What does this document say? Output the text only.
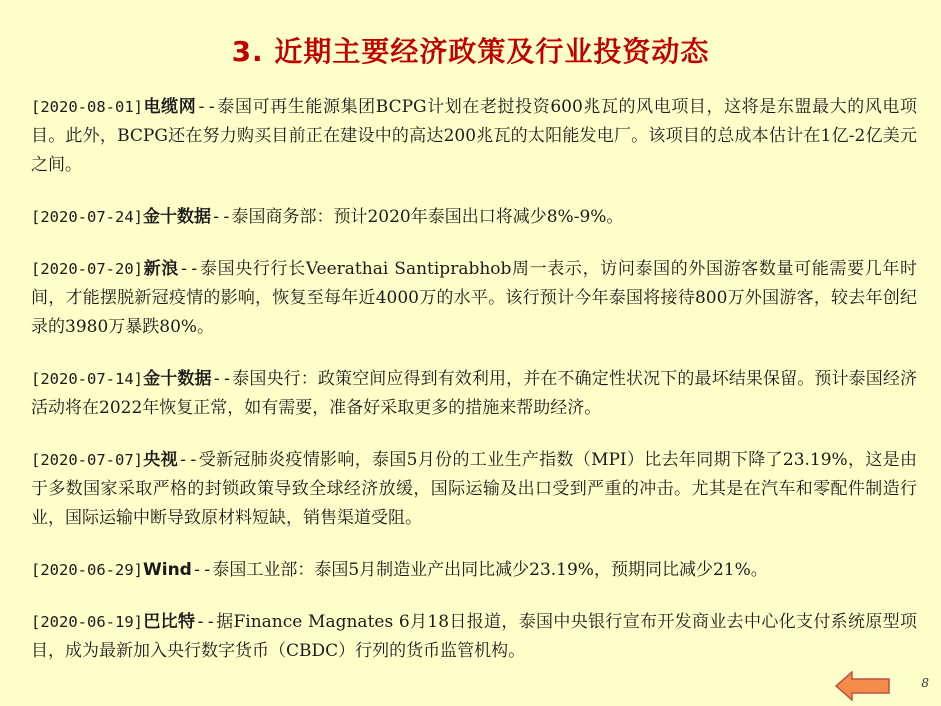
3. 近期主要经济政策及行业投资动态

[2020-08-01]电缆网--泰国可再生能源集团BCPG计划在老挝投资600兆瓦的风电项目，这将是东盟最大的风电项目。此外，BCPG还在努力购买目前正在建设中的高达200兆瓦的太阳能发电厂。该项目的总成本估计在1亿-2亿美元之间。

[2020-07-24]金十数据--泰国商务部：预计2020年泰国出口将减少8%-9%。

[2020-07-20]新浪--泰国央行行长Veerathai Santiprabhob周一表示，访问泰国的外国游客数量可能需要几年时间，才能摆脱新冠疫情的影响，恢复至每年近4000万的水平。该行预计今年泰国将接待800万外国游客，较去年创纪录的3980万暴跌80%。

[2020-07-14]金十数据--泰国央行：政策空间应得到有效利用，并在不确定性状况下的最坏结果保留。预计泰国经济活动将在2022年恢复正常，如有需要，准备好采取更多的措施来帮助经济。

[2020-07-07]央视--受新冠肺炎疫情影响，泰国5月份的工业生产指数（MPI）比去年同期下降了23.19%，这是由于多数国家采取严格的封锁政策导致全球经济放缓，国际运输及出口受到严重的冲击。尤其是在汽车和零配件制造行业，国际运输中断导致原材料短缺，销售渠道受阻。

[2020-06-29]Wind--泰国工业部：泰国5月制造业产出同比减少23.19%，预期同比减少21%。

[2020-06-19]巴比特--据Finance Magnates 6月18日报道，泰国中央银行宣布开发商业去中心化支付系统原型项目，成为最新加入央行数字货币（CBDC）行列的货币监管机构。

8
